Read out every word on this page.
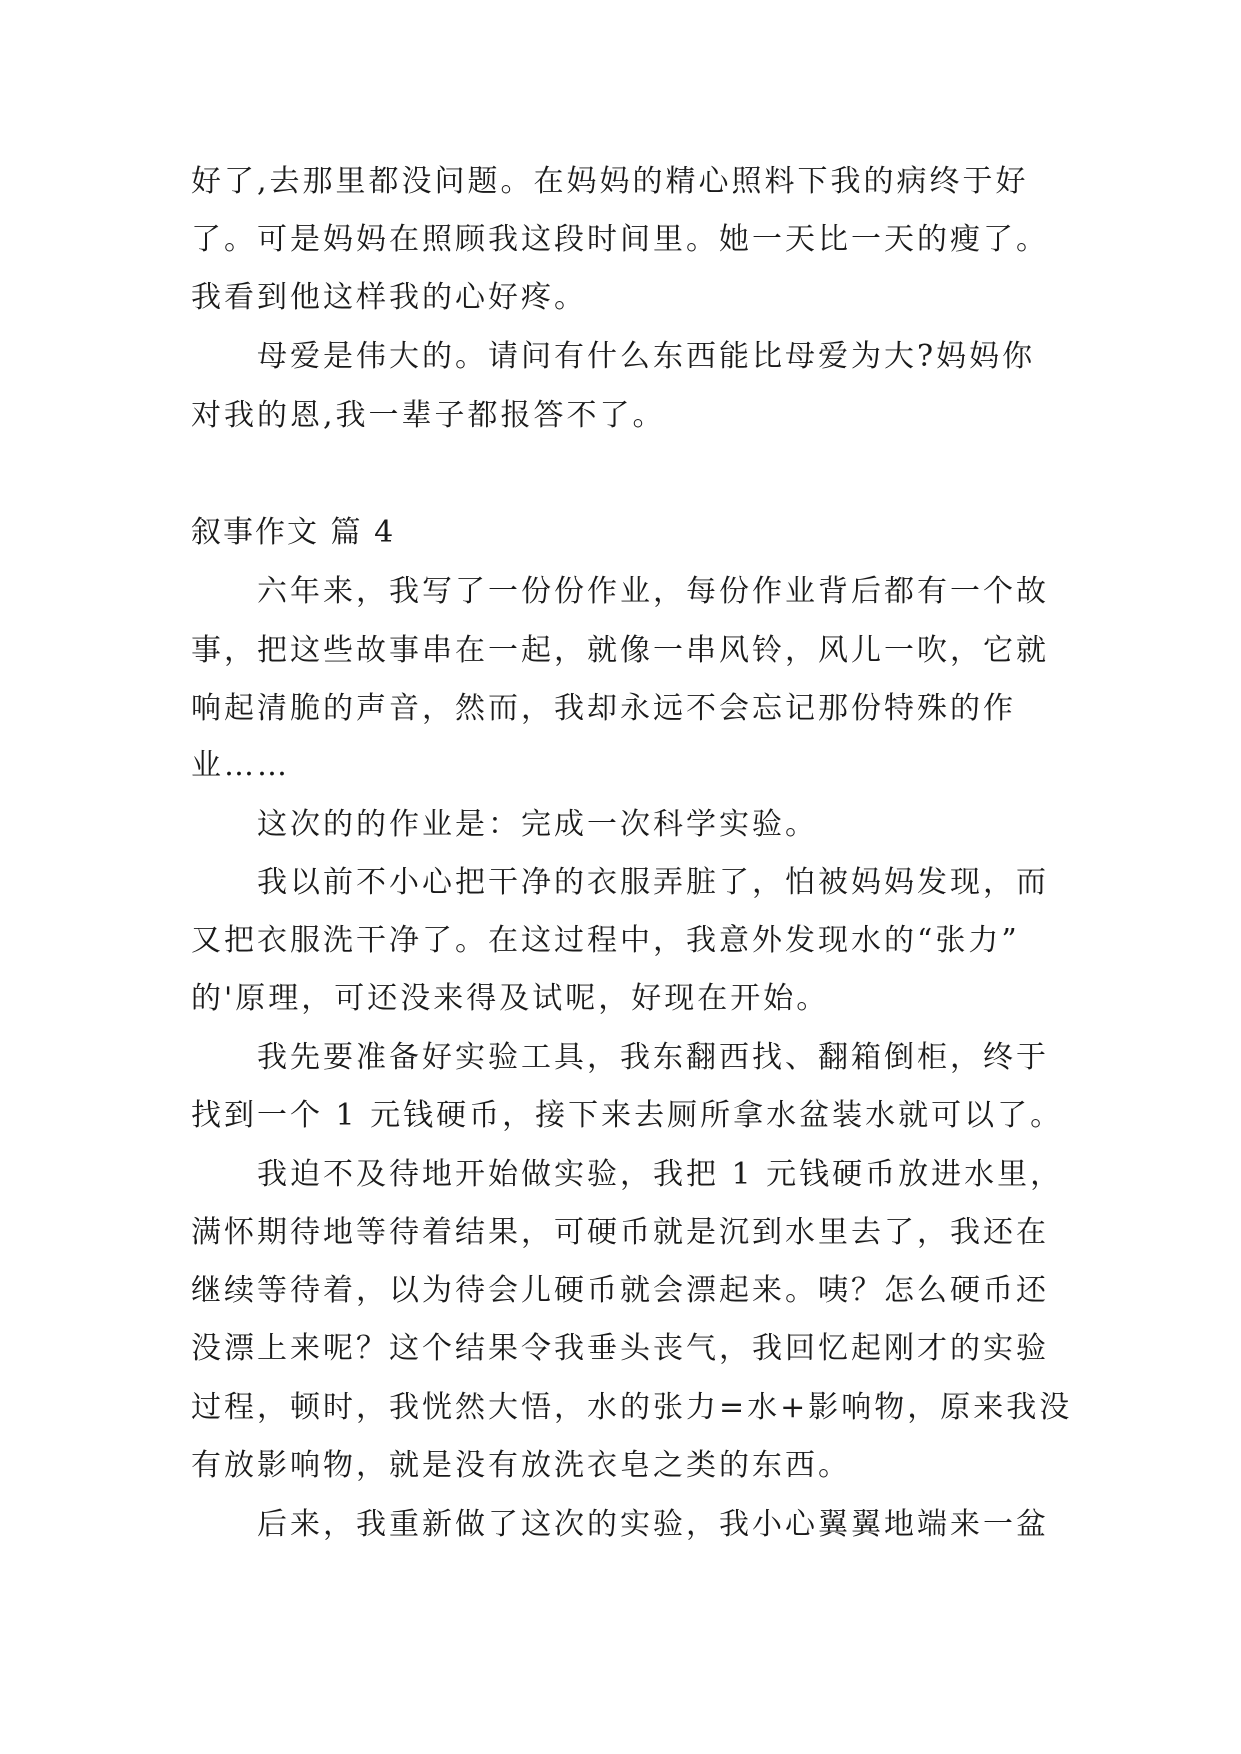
好了,去那里都没问题。在妈妈的精心照料下我的病终于好
了。可是妈妈在照顾我这段时间里。她一天比一天的瘦了。
我看到他这样我的心好疼。
母爱是伟大的。请问有什么东西能比母爱为大?妈妈你
对我的恩,我一辈子都报答不了。
叙事作文 篇 4
六年来，我写了一份份作业，每份作业背后都有一个故
事，把这些故事串在一起，就像一串风铃，风儿一吹，它就
响起清脆的声音，然而，我却永远不会忘记那份特殊的作
业……
这次的的作业是：完成一次科学实验。
我以前不小心把干净的衣服弄脏了，怕被妈妈发现，而
又把衣服洗干净了。在这过程中，我意外发现水的“张力”
的'原理，可还没来得及试呢，好现在开始。
我先要准备好实验工具，我东翻西找、翻箱倒柜，终于
找到一个 1 元钱硬币，接下来去厕所拿水盆装水就可以了。
我迫不及待地开始做实验，我把 1 元钱硬币放进水里，
满怀期待地等待着结果，可硬币就是沉到水里去了，我还在
继续等待着，以为待会儿硬币就会漂起来。咦？怎么硬币还
没漂上来呢？这个结果令我垂头丧气，我回忆起刚才的实验
过程，顿时，我恍然大悟，水的张力=水+影响物，原来我没
有放影响物，就是没有放洗衣皂之类的东西。
后来，我重新做了这次的实验，我小心翼翼地端来一盆
